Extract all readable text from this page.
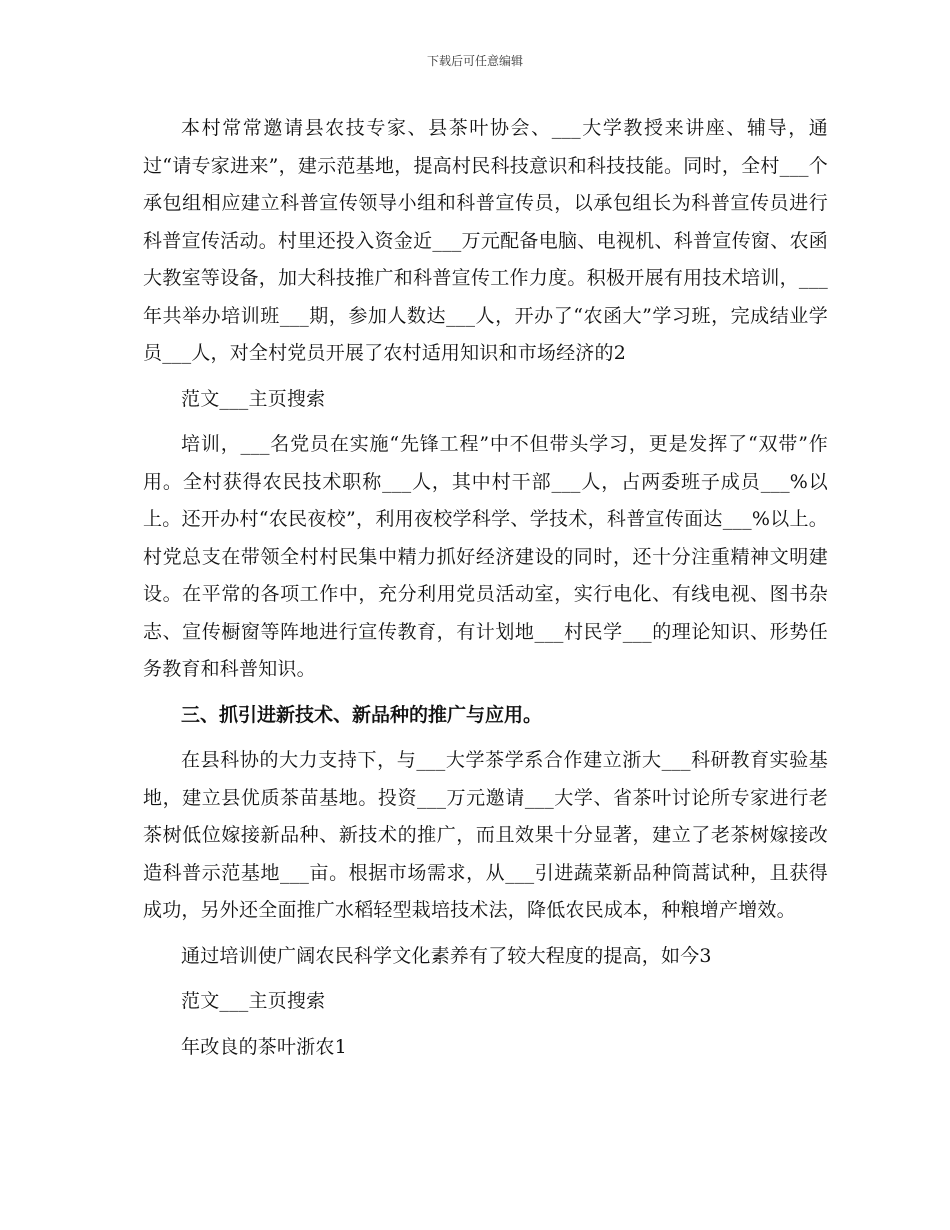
下载后可任意编辑

本村常常邀请县农技专家、县茶叶协会、___大学教授来讲座、辅导，通过“请专家进来”，建示范基地，提高村民科技意识和科技技能。同时，全村___个承包组相应建立科普宣传领导小组和科普宣传员，以承包组长为科普宣传员进行科普宣传活动。村里还投入资金近___万元配备电脑、电视机、科普宣传窗、农函大教室等设备，加大科技推广和科普宣传工作力度。积极开展有用技术培训，___年共举办培训班___期，参加人数达___人，开办了“农函大”学习班，完成结业学员___人，对全村党员开展了农村适用知识和市场经济的2

范文___主页搜索

培训，___名党员在实施“先锋工程”中不但带头学习，更是发挥了“双带”作用。全村获得农民技术职称___人，其中村干部___人，占两委班子成员___%以上。还开办村“农民夜校”，利用夜校学科学、学技术，科普宣传面达___%以上。村党总支在带领全村村民集中精力抓好经济建设的同时，还十分注重精神文明建设。在平常的各项工作中，充分利用党员活动室，实行电化、有线电视、图书杂志、宣传橱窗等阵地进行宣传教育，有计划地___村民学___的理论知识、形势任务教育和科普知识。

三、抓引进新技术、新品种的推广与应用。

在县科协的大力支持下，与___大学茶学系合作建立浙大___科研教育实验基地，建立县优质茶苗基地。投资___万元邀请___大学、省茶叶讨论所专家进行老茶树低位嫁接新品种、新技术的推广，而且效果十分显著，建立了老茶树嫁接改造科普示范基地___亩。根据市场需求，从___引进蔬菜新品种筒蒿试种，且获得成功，另外还全面推广水稻轻型栽培技术法，降低农民成本，种粮增产增效。

通过培训使广阔农民科学文化素养有了较大程度的提高，如今3

范文___主页搜索

年改良的茶叶浙农1
